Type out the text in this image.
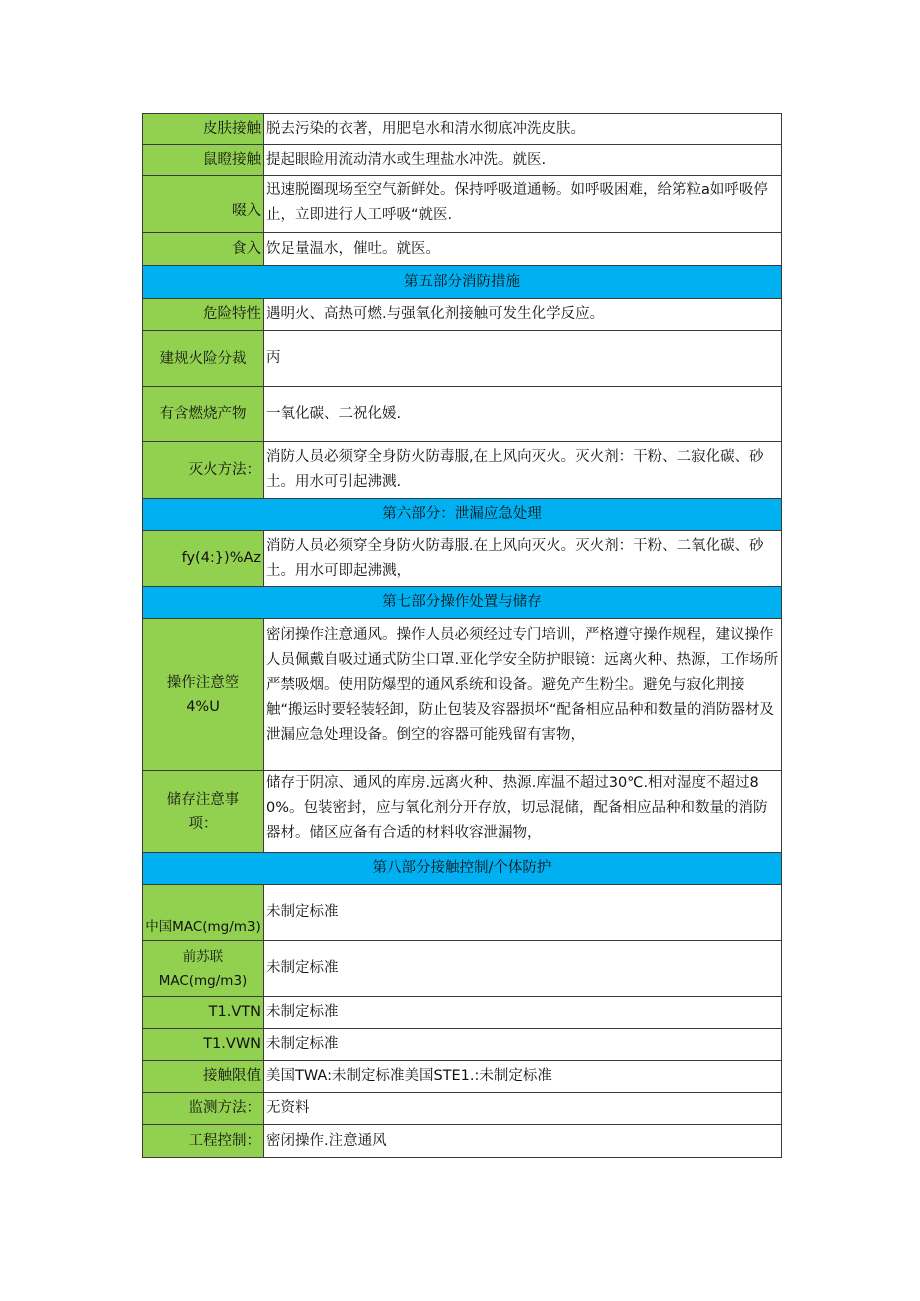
皮肤接触	脱去污染的衣著，用肥皂水和清水彻底冲洗皮肤。
鼠瞪接触	提起眼睑用流动清水或生理盐水冲洗。就医.
啜入	迅速脱圈现场至空气新鲜处。保持呼吸道通畅。如呼吸困难，给笫粒a如呼吸停止，立即进行人工呼吸“就医.
食入	饮足量温水，催吐。就医。
第五部分消防措施	
危险特性	遇明火、高热可燃.与强氧化剂接触可发生化学反应。
建规火险分裁	丙
有含燃烧产物	一氧化碳、二祝化媛.
灭火方法：	消防人员必须穿全身防火防毒服,在上风向灭火。灭火剂：干粉、二寂化碳、砂土。用水可引起沸溅.
第六部分：泄漏应急处理	
fy(4:})%Az	消防人员必须穿全身防火防毒服.在上风向灭火。灭火剂：干粉、二氧化碳、砂土。用水可即起沸溅，
第七部分操作处置与储存	
操作注意箜4%U	密闭操作注意通风。操作人员必须经过专门培训，严格遵守操作规程，建议操作人员佩戴自吸过通式防尘口罩.亚化学安全防护眼镜：远离火种、热源，工作场所严禁吸烟。使用防爆型的通风系统和设备。避免产生粉尘。避免与寂化荆接触“搬运时要轻装轻卸，防止包装及容器损坏“配备相应品种和数量的消防器材及泄漏应急处理设备。倒空的容器可能残留有害物，
储存注意事项：	储存于阴凉、通风的库房.远离火种、热源.库温不超过30℃.相对湿度不超过80%。包装密封，应与氧化剂分开存放，切忌混储，配备相应品种和数量的消防器材。储区应备有合适的材料收容泄漏物，
第八部分接触控制/个体防护	
中国MAC(mg/m3)	未制定标准
前苏联MAC(mg/m3)	未制定标准
T1.VTN	未制定标准
T1.VWN	未制定标准
接触限值	美国TWA:未制定标准美国STE1.:未制定标准
监测方法：	无资料
工程控制：	密闭操作.注意通风
